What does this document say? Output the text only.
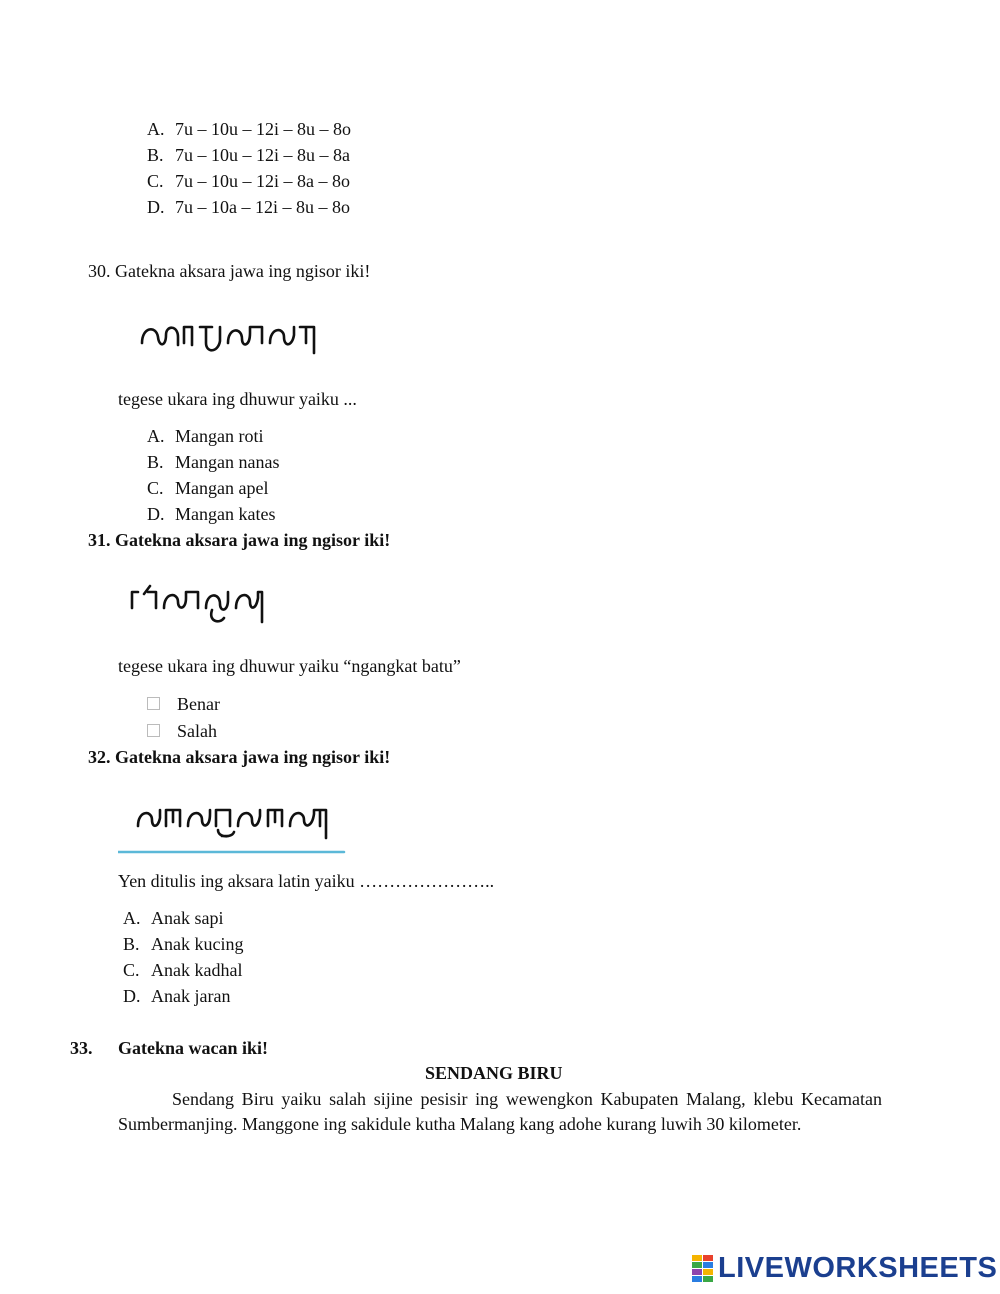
A. 7u – 10u – 12i – 8u – 8o
B. 7u – 10u – 12i – 8u – 8a
C. 7u – 10u – 12i – 8a – 8o
D. 7u – 10a – 12i – 8u – 8o
30. Gatekna aksara jawa ing ngisor iki!
tegese ukara ing dhuwur yaiku ...
A. Mangan roti
B. Mangan nanas
C. Mangan apel
D. Mangan kates
31. Gatekna aksara jawa ing ngisor iki!
tegese ukara ing dhuwur yaiku “ngangkat batu”
Benar
Salah
32. Gatekna aksara jawa ing ngisor iki!
Yen ditulis ing aksara latin yaiku …………………..
A. Anak sapi
B. Anak kucing
C. Anak kadhal
D. Anak jaran
33. Gatekna wacan iki!
SENDANG BIRU
Sendang Biru yaiku salah sijine pesisir ing wewengkon Kabupaten Malang, klebu Kecamatan Sumbermanjing. Manggone ing sakidule kutha Malang kang adohe kurang luwih 30 kilometer.
LIVEWORKSHEETS
